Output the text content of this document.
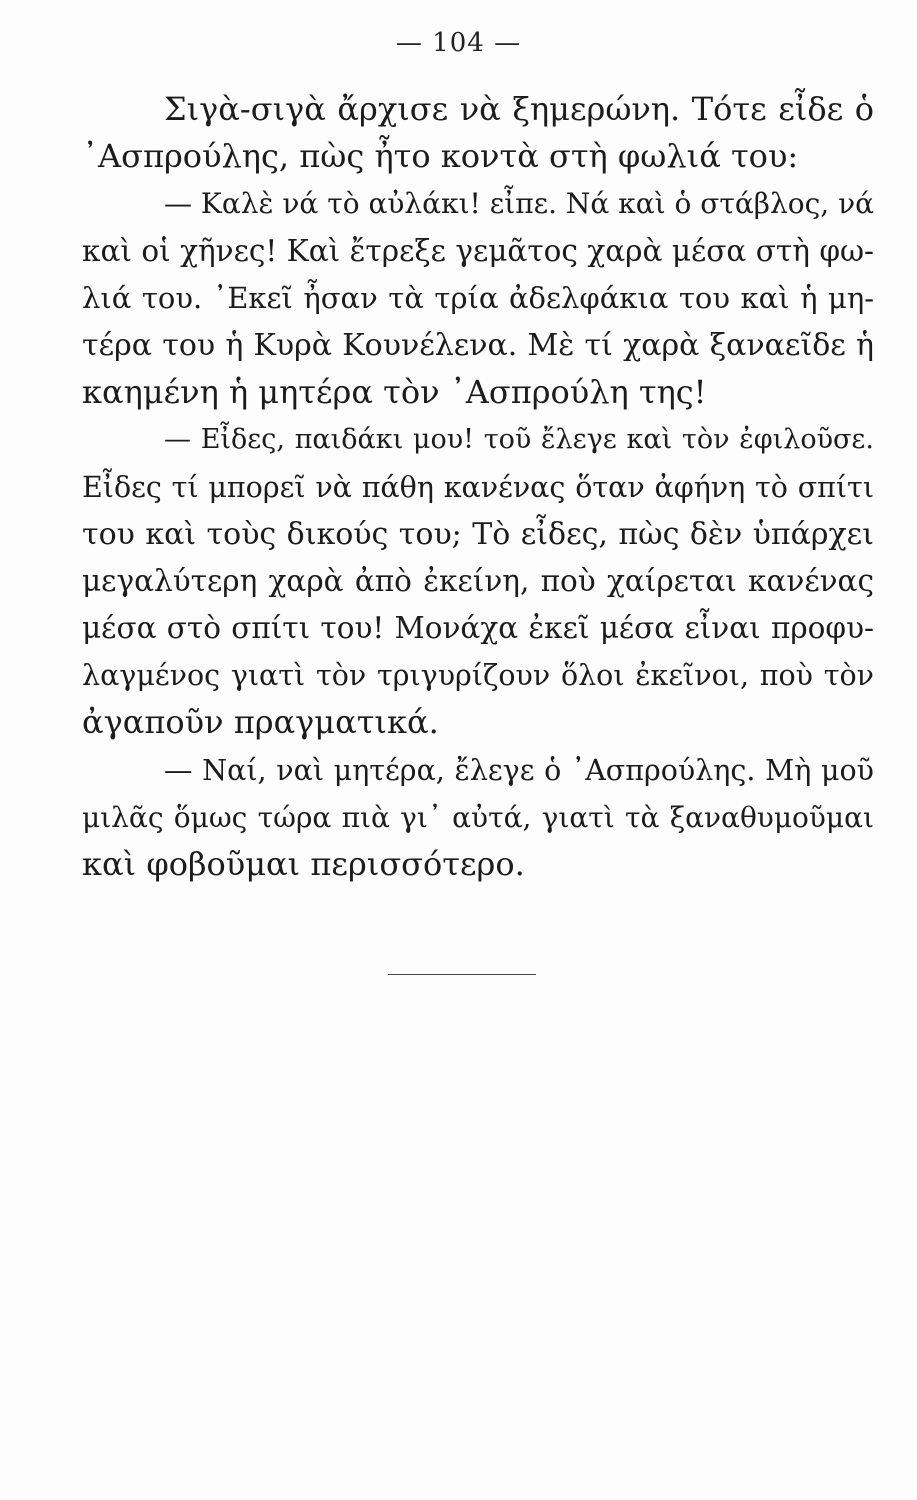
— 104 —
Σιγὰ-σιγὰ ἄρχισε νὰ ξημερώνη. Τότε εἶδε ὁ
᾿Ασπρούλης, πὼς ἦτο κοντὰ στὴ φωλιά του:
— Καλὲ νά τὸ αὐλάκι! εἶπε. Νά καὶ ὁ στάβλος, νά
καὶ οἱ χῆνες! Καὶ ἔτρεξε γεμᾶτος χαρὰ μέσα στὴ φω-
λιά του. ᾿Εκεῖ ἦσαν τὰ τρία ἀδελφάκια του καὶ ἡ μη-
τέρα του ἡ Κυρὰ Κουνέλενα. Μὲ τί χαρὰ ξαναεῖδε ἡ
καημένη ἡ μητέρα τὸν ᾿Ασπρούλη της!
— Εἶδες, παιδάκι μου! τοῦ ἔλεγε καὶ τὸν ἐφιλοῦσε.
Εἶδες τί μπορεῖ νὰ πάθη κανένας ὅταν ἀφήνη τὸ σπίτι
του καὶ τοὺς δικούς του; Τὸ εἶδες, πὼς δὲν ὑπάρχει
μεγαλύτερη χαρὰ ἀπὸ ἐκείνη, ποὺ χαίρεται κανένας
μέσα στὸ σπίτι του! Μονάχα ἐκεῖ μέσα εἶναι προφυ-
λαγμένος γιατὶ τὸν τριγυρίζουν ὅλοι ἐκεῖνοι, ποὺ τὸν
ἀγαποῦν πραγματικά.
— Ναί, ναὶ μητέρα, ἔλεγε ὁ ᾿Ασπρούλης. Μὴ μοῦ
μιλᾶς ὅμως τώρα πιὰ γι᾿ αὐτά, γιατὶ τὰ ξαναθυμοῦμαι
καὶ φοβοῦμαι περισσότερο.
